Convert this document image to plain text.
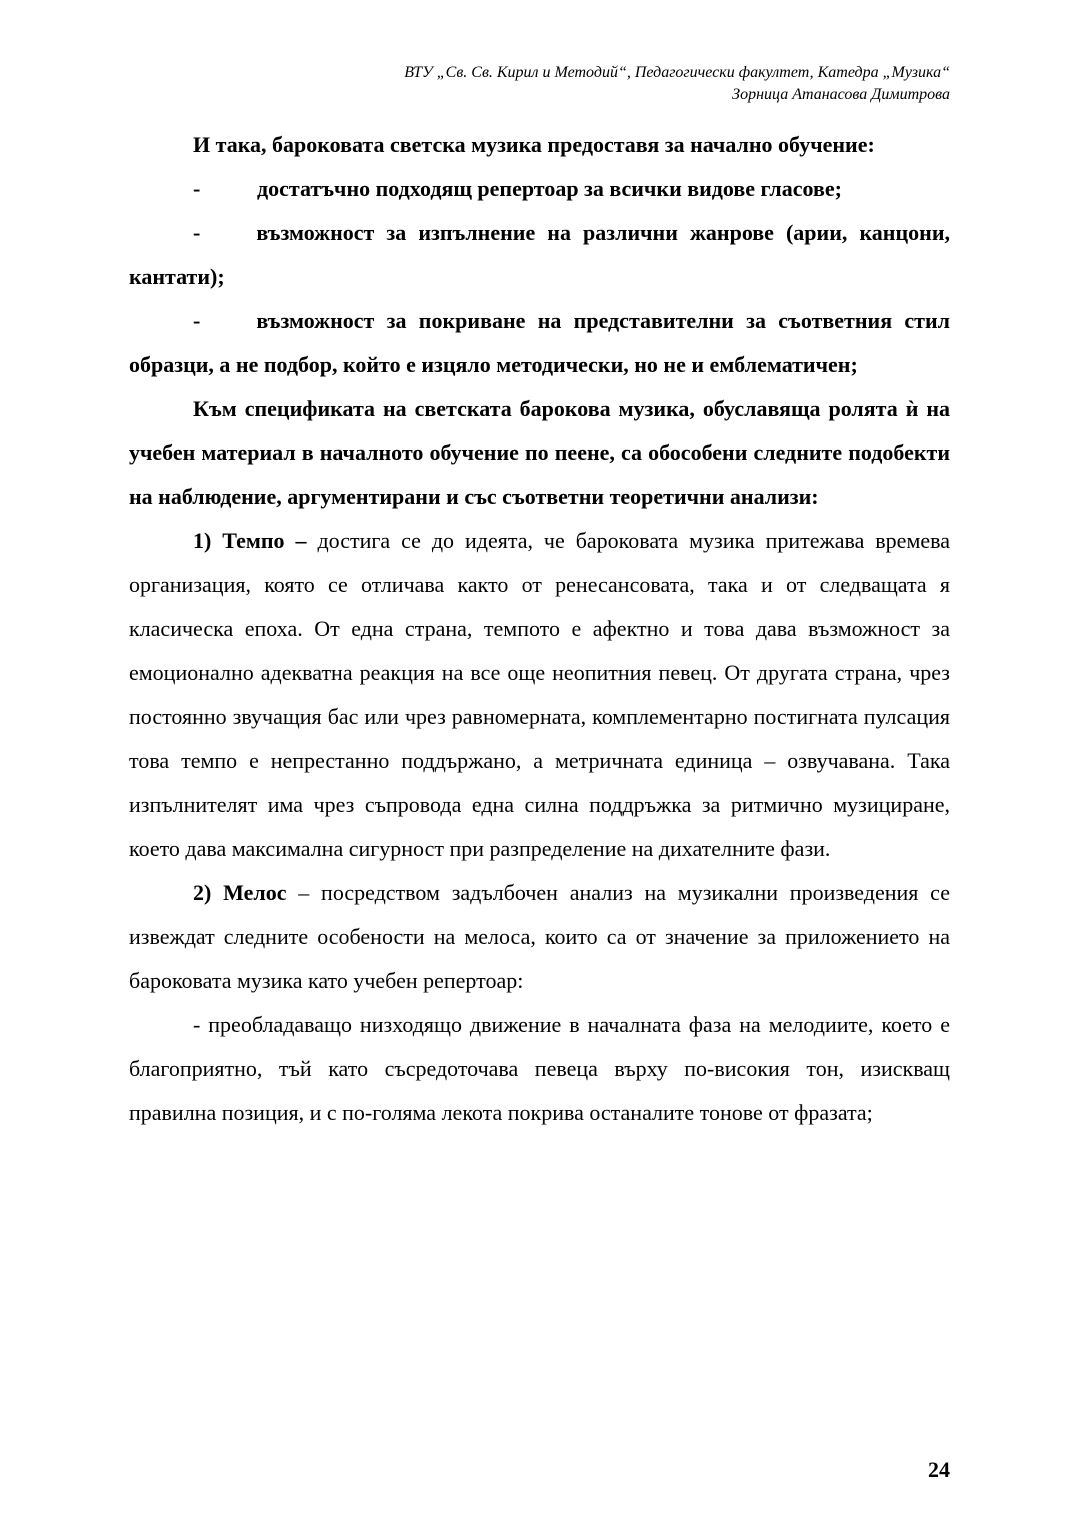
ВТУ „Св. Св. Кирил и Методий“, Педагогически факултет, Катедра „Музика“
Зорница Атанасова Димитрова

И така, бароковата светска музика предоставя за начално обучение:

-	достатъчно подходящ репертоар за всички видове гласове;

-	възможност за изпълнение на различни жанрове (арии, канцони, кантати);

-	възможност за покриване на представителни за съответния стил образци, а не подбор, който е изцяло методически, но не и емблематичен;

Към спецификата на светската барокова музика, обуславяща ролята ѝ на учебен материал в началното обучение по пеене, са обособени следните подобекти на наблюдение, аргументирани и със съответни теоретични анализи:

1) Темпо – достига се до идеята, че бароковата музика притежава времева организация, която се отличава както от ренесансовата, така и от следващата я класическа епоха. От една страна, темпото е афектно и това дава възможност за емоционално адекватна реакция на все още неопитния певец. От другата страна, чрез постоянно звучащия бас или чрез равномерната, комплементарно постигната пулсация това темпо е непрестанно поддържано, а метричната единица – озвучавана. Така изпълнителят има чрез съпровода една силна поддръжка за ритмично музициране, което дава максимална сигурност при разпределение на дихателните фази.

2) Мелос – посредством задълбочен анализ на музикални произведения се извеждат следните особености на мелоса, които са от значение за приложението на бароковата музика като учебен репертоар:

- преобладаващо низходящо движение в началната фаза на мелодиите, което е благоприятно, тъй като съсредоточава певеца върху по-високия тон, изискващ правилна позиция, и с по-голяма лекота покрива останалите тонове от фразата;

24
